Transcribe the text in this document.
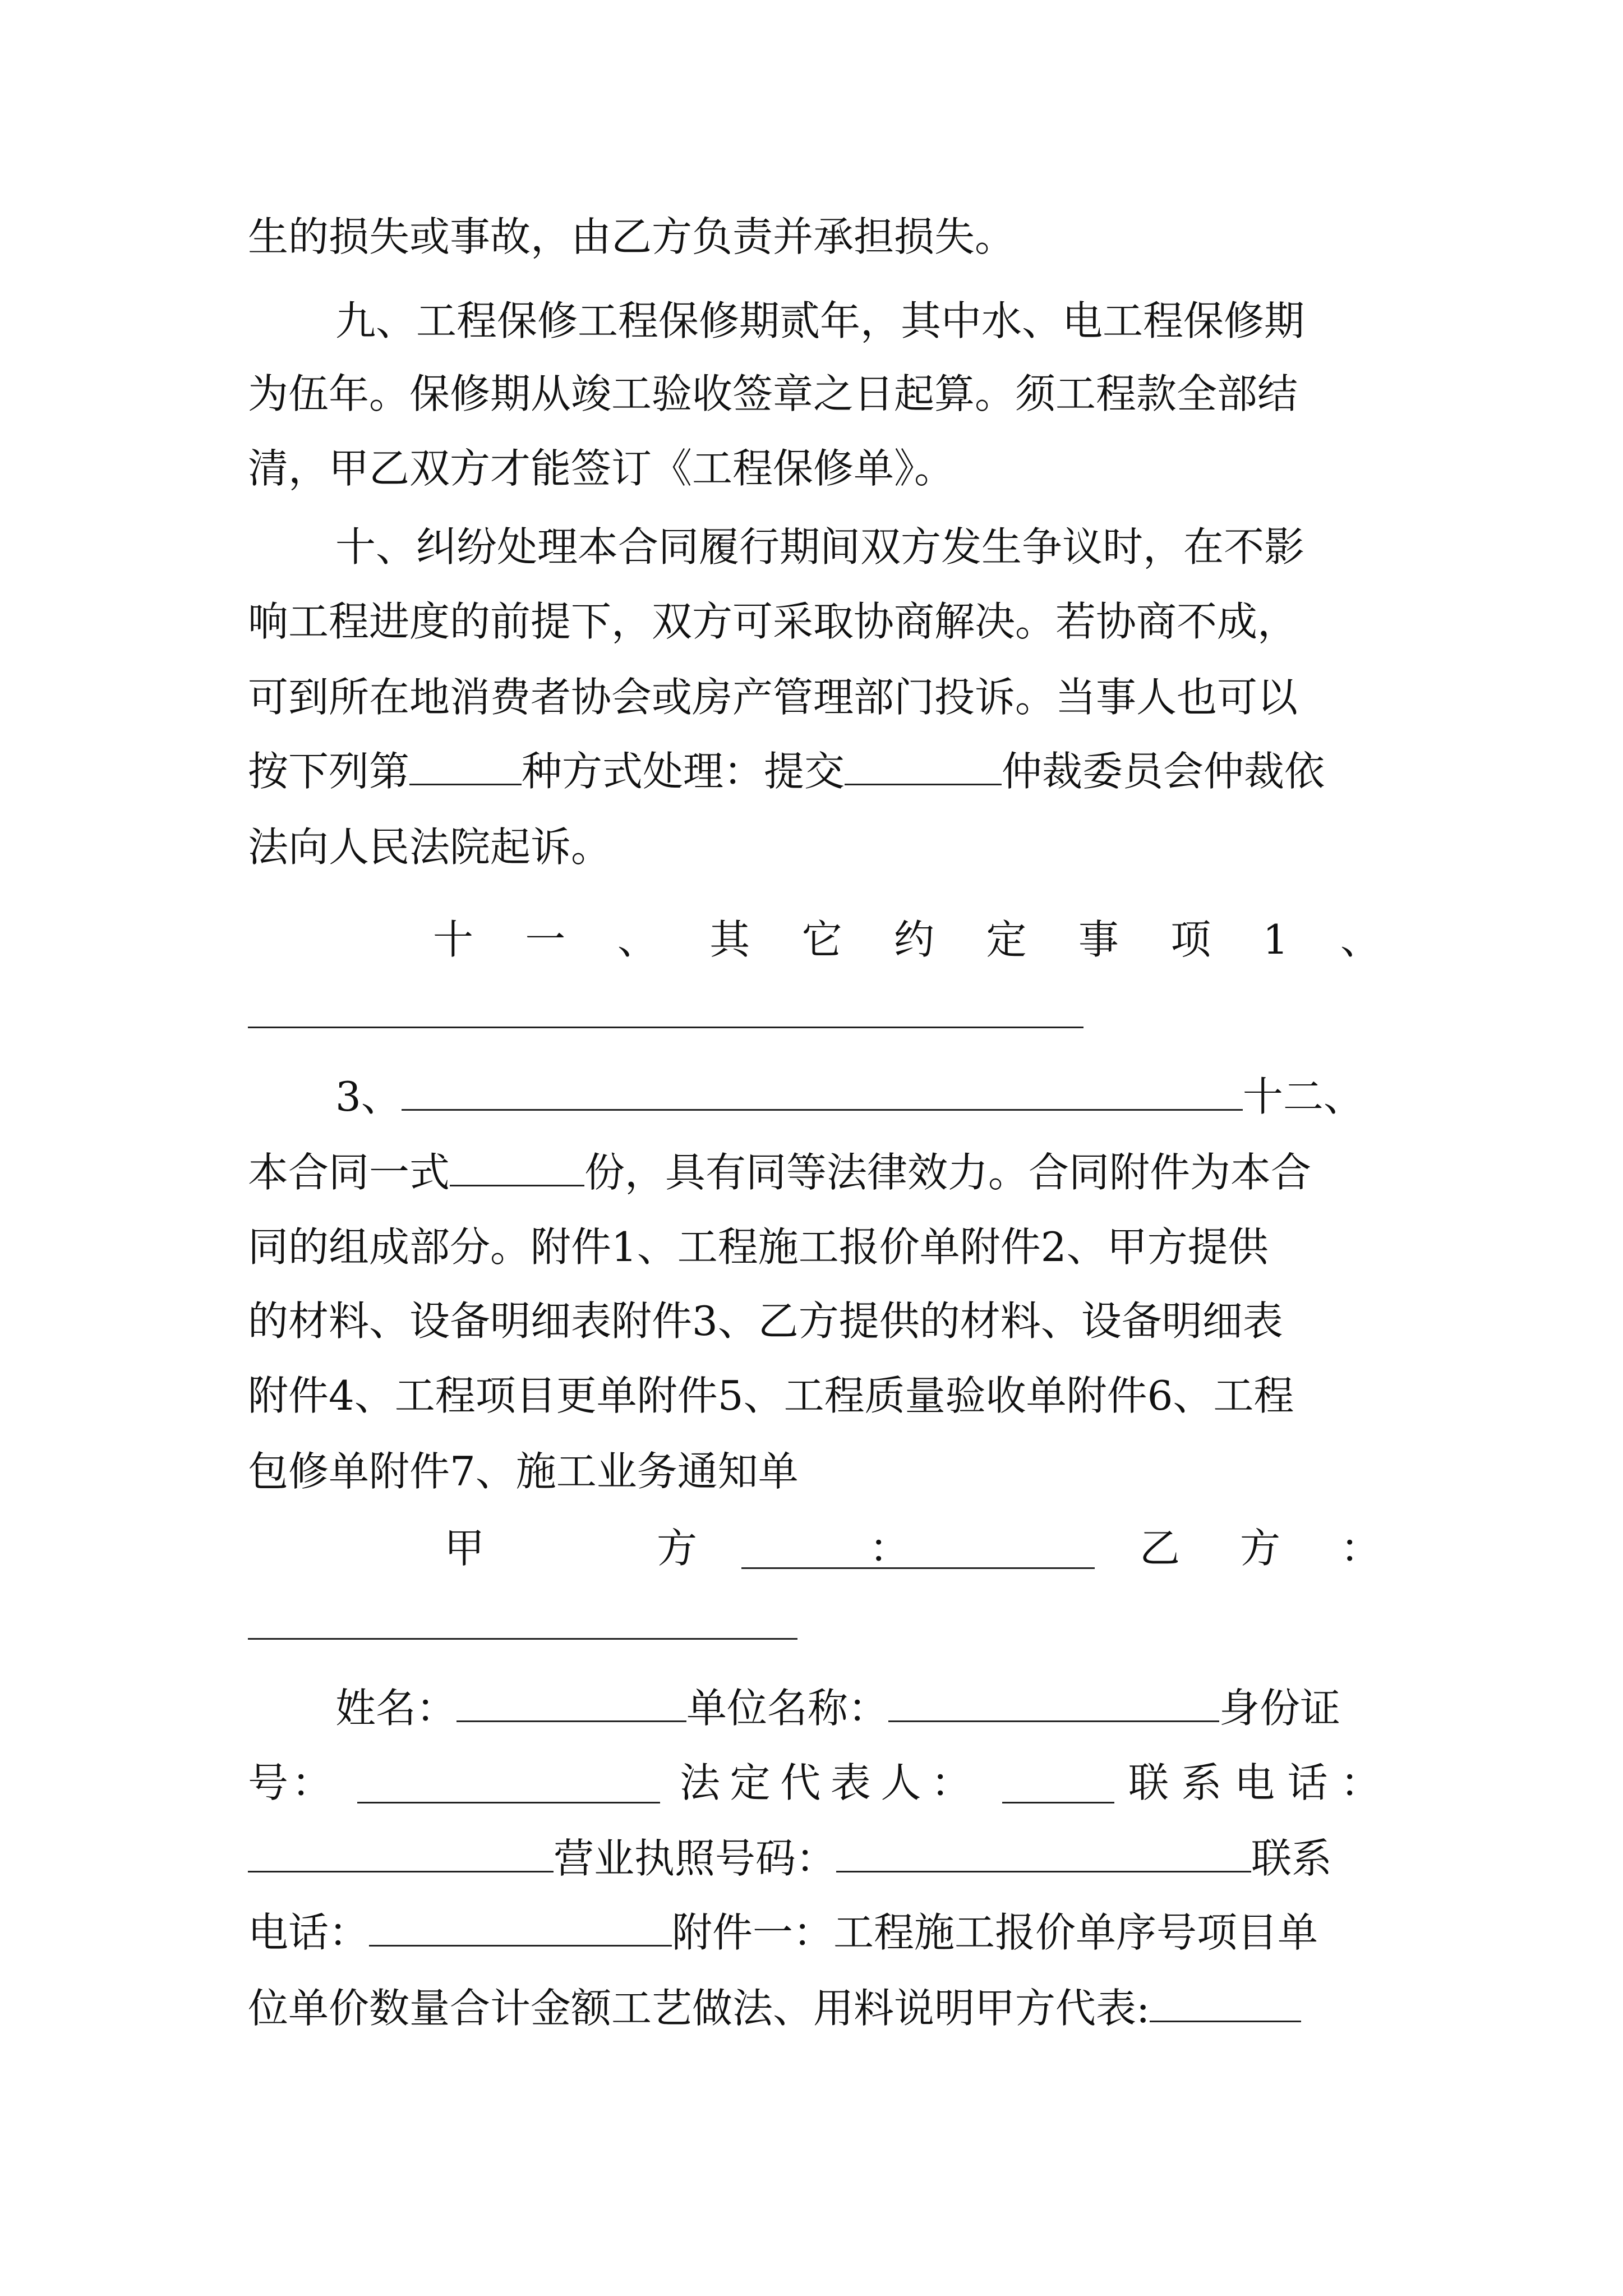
生的损失或事故，由乙方负责并承担损失。
九、工程保修工程保修期贰年，其中水、电工程保修期
为伍年。保修期从竣工验收签章之日起算。须工程款全部结
清，甲乙双方才能签订《工程保修单》。
十、纠纷处理本合同履行期间双方发生争议时，在不影
响工程进度的前提下，双方可采取协商解决。若协商不成，
可到所在地消费者协会或房产管理部门投诉。当事人也可以
按下列第	种方式处理：提交	仲裁委员会仲裁依
法向人民法院起诉。
十 一 、 其 它 约 定 事 项 1 、
3、	十二、
本合同一式	份，具有同等法律效力。合同附件为本合
同的组成部分。附件1、工程施工报价单附件2、甲方提供
的材料、设备明细表附件3、乙方提供的材料、设备明细表
附件4、工程项目更单附件5、工程质量验收单附件6、工程
包修单附件7、施工业务通知单
甲	方	：	乙 方 ：
姓名：	单位名称：	身份证
号 ：	法 定 代 表 人 ：	联 系 电 话 ：
营业执照号码：	联系
电话：	附件一：工程施工报价单序号项目单
位单价数量合计金额工艺做法、用料说明甲方代表:
